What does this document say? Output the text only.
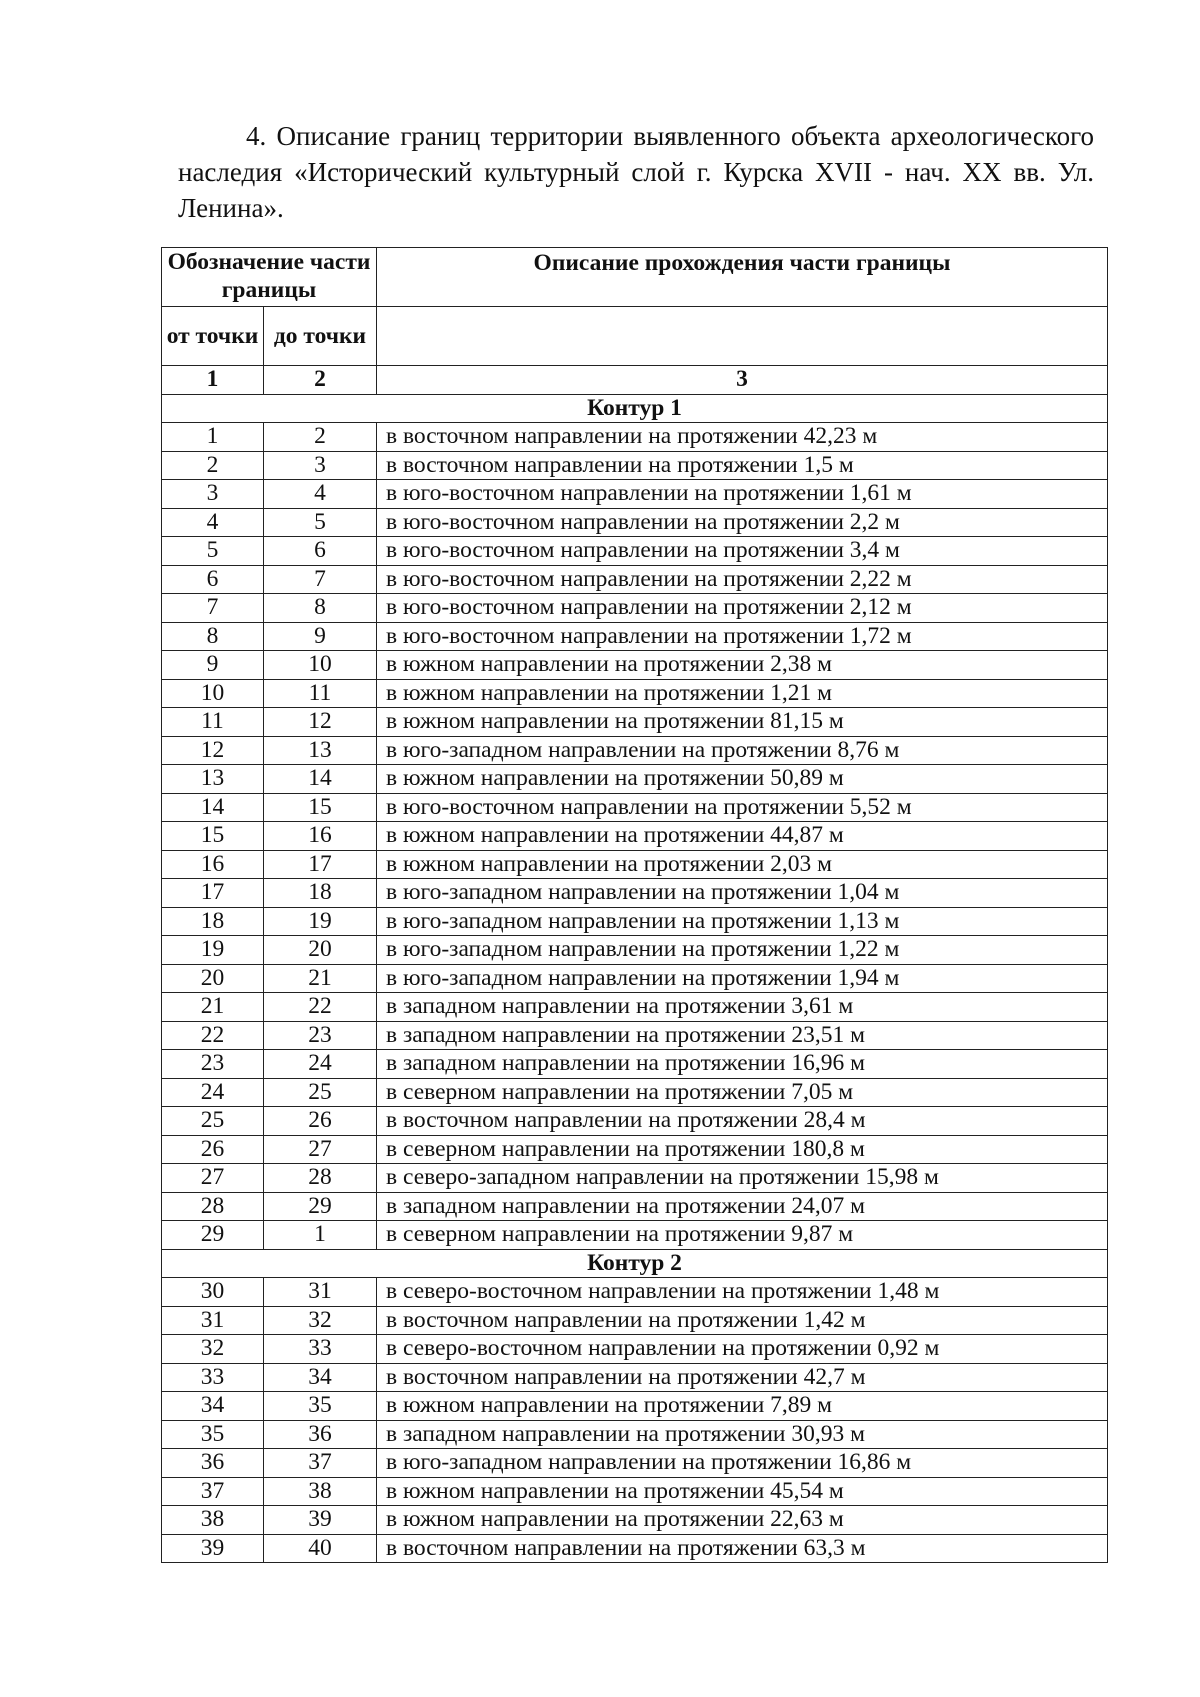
4. Описание границ территории выявленного объекта археологического наследия «Исторический культурный слой г. Курска XVII - нач. XX вв. Ул. Ленина».

Обозначение части границы		Описание прохождения части границы
от точки	до точки	
1	2	3
Контур 1		
1	2	в восточном направлении на протяжении 42,23 м
2	3	в восточном направлении на протяжении 1,5 м
3	4	в юго-восточном направлении на протяжении 1,61 м
4	5	в юго-восточном направлении на протяжении 2,2 м
5	6	в юго-восточном направлении на протяжении 3,4 м
6	7	в юго-восточном направлении на протяжении 2,22 м
7	8	в юго-восточном направлении на протяжении 2,12 м
8	9	в юго-восточном направлении на протяжении 1,72 м
9	10	в южном направлении на протяжении 2,38 м
10	11	в южном направлении на протяжении 1,21 м
11	12	в южном направлении на протяжении 81,15 м
12	13	в юго-западном направлении на протяжении 8,76 м
13	14	в южном направлении на протяжении 50,89 м
14	15	в юго-восточном направлении на протяжении 5,52 м
15	16	в южном направлении на протяжении 44,87 м
16	17	в южном направлении на протяжении 2,03 м
17	18	в юго-западном направлении на протяжении 1,04 м
18	19	в юго-западном направлении на протяжении 1,13 м
19	20	в юго-западном направлении на протяжении 1,22 м
20	21	в юго-западном направлении на протяжении 1,94 м
21	22	в западном направлении на протяжении 3,61 м
22	23	в западном направлении на протяжении 23,51 м
23	24	в западном направлении на протяжении 16,96 м
24	25	в северном направлении на протяжении 7,05 м
25	26	в восточном направлении на протяжении 28,4 м
26	27	в северном направлении на протяжении 180,8 м
27	28	в северо-западном направлении на протяжении 15,98 м
28	29	в западном направлении на протяжении 24,07 м
29	1	в северном направлении на протяжении 9,87 м
Контур 2		
30	31	в северо-восточном направлении на протяжении 1,48 м
31	32	в восточном направлении на протяжении 1,42 м
32	33	в северо-восточном направлении на протяжении 0,92 м
33	34	в восточном направлении на протяжении 42,7 м
34	35	в южном направлении на протяжении 7,89 м
35	36	в западном направлении на протяжении 30,93 м
36	37	в юго-западном направлении на протяжении 16,86 м
37	38	в южном направлении на протяжении 45,54 м
38	39	в южном направлении на протяжении 22,63 м
39	40	в восточном направлении на протяжении 63,3 м
